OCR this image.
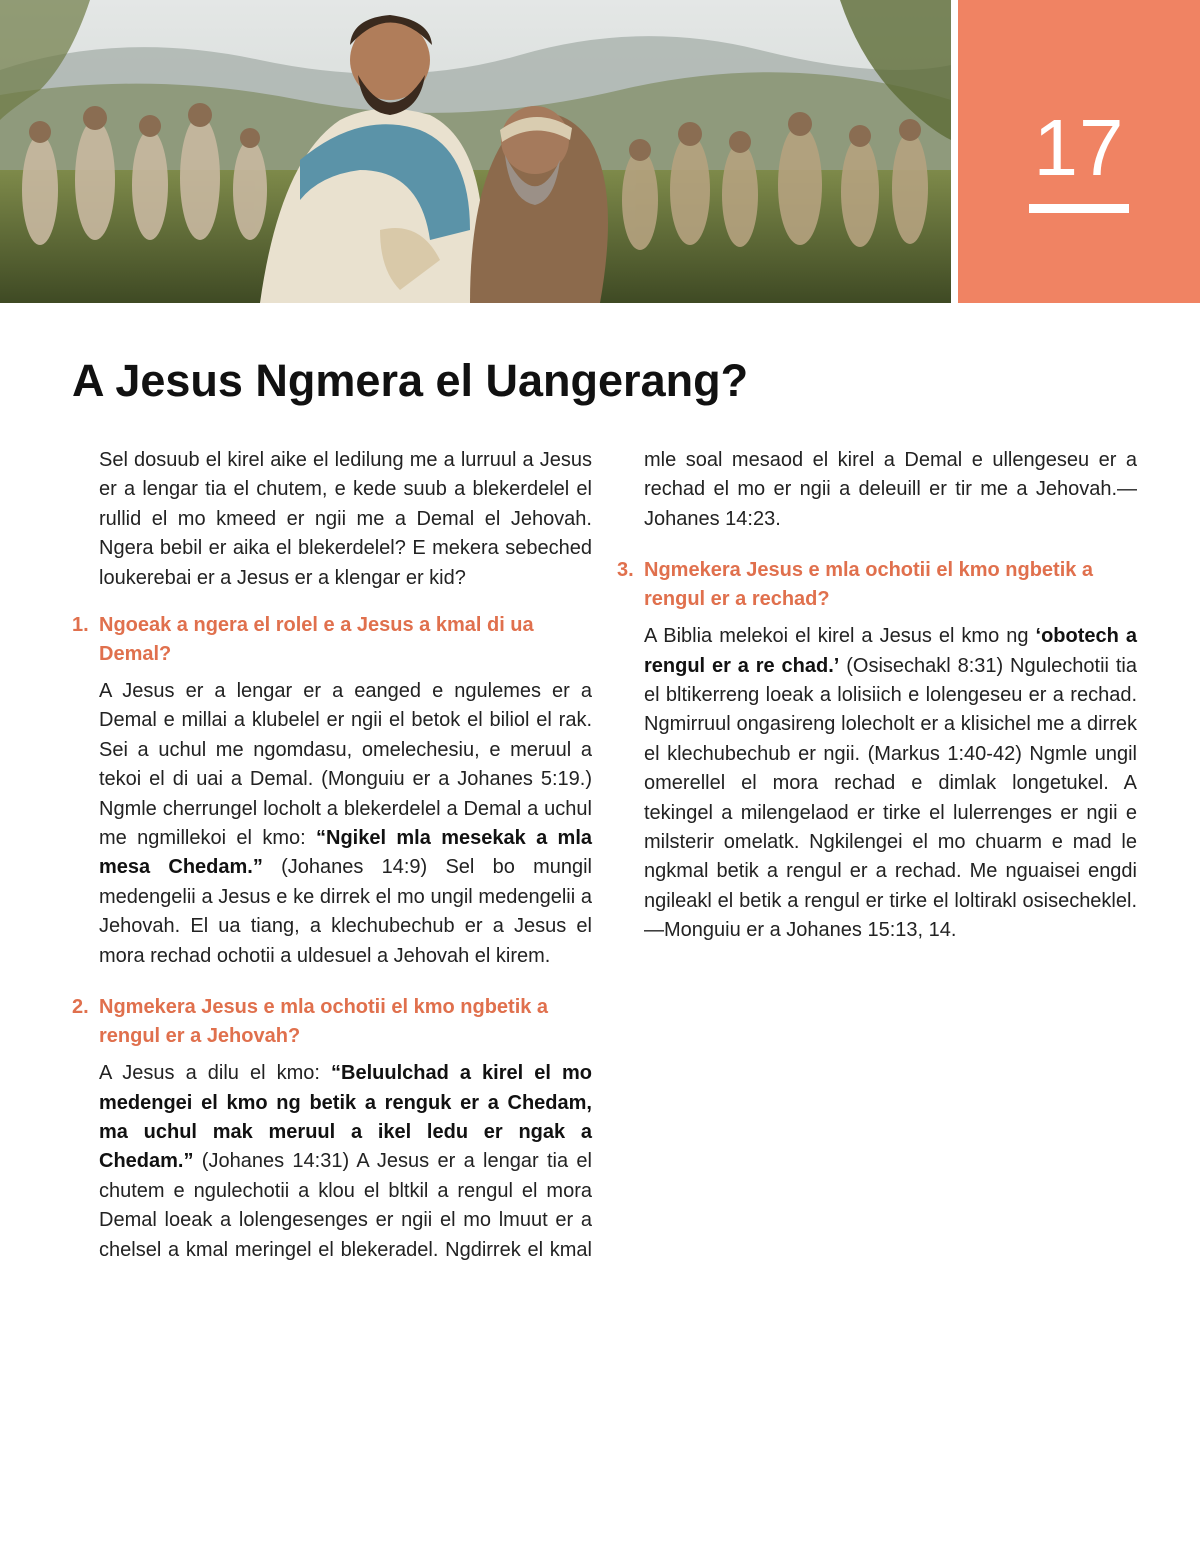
17
A Jesus Ngmera el Uangerang?

Sel dosuub el kirel aike el ledilung me a lurruul a Jesus er a lengar tia el chutem, e kede suub a blekerdelel el rullid el mo kmeed er ngii me a Demal el Jehovah. Ngera bebil er aika el blekerdelel? E mekera sebeched loukerebai er a Jesus er a klengar er kid?

1. Ngoeak a ngera el rolel e a Jesus a kmal di ua Demal?

A Jesus er a lengar er a eanged e ngulemes er a Demal e millai a klubelel er ngii el betok el biliol el rak. Sei a uchul me ngomdasu, omelechesiu, e meruul a tekoi el di uai a Demal. (Monguiu er a Johanes 5:19.) Ngmle cherrungel locholt a blekerdelel a Demal a uchul me ngmillekoi el kmo: “Ngikel mla mesekak a mla mesa Chedam.” (Johanes 14:9) Sel bo mungil medengelii a Jesus e ke dirrek el mo ungil medengelii a Jehovah. El ua tiang, a klechubechub er a Jesus el mora rechad ochotii a uldesuel a Jehovah el kirem.

2. Ngmekera Jesus e mla ochotii el kmo ngbetik a rengul er a Jehovah?

A Jesus a dilu el kmo: “Beluulchad a kirel el mo medengei el kmo ng betik a renguk er a Chedam, ma uchul mak meruul a ikel ledu er ngak a Chedam.” (Johanes 14:31) A Jesus er a lengar tia el chutem e ngulechotii a klou el bltkil a rengul el mora Demal loeak a lolengesenges er ngii el mo lmuut er a chelsel a kmal meringel el blekeradel. Ngdirrek el kmal

mle soal mesaod el kirel a Demal e ullengeseu er a rechad el mo er ngii a deleuill er tir me a Jehovah.—Johanes 14:23.

3. Ngmekera Jesus e mla ochotii el kmo ngbetik a rengul er a rechad?

A Biblia melekoi el kirel a Jesus el kmo ng ‘obotech a rengul er a re chad.’ (Osisechakl 8:31) Ngulechotii tia el bltikerreng loeak a lolisiich e lolengeseu er a rechad. Ngmirruul ongasireng lolecholt er a klisichel me a dirrek el klechubechub er ngii. (Markus 1:40-42) Ngmle ungil omerellel el mora rechad e dimlak longetukel. A tekingel a milengelaod er tirke el lulerrenges er ngii e milsterir omelatk. Ngkilengei el mo chuarm e mad le ngkmal betik a rengul er a rechad. Me nguaisei engdi ngileakl el betik a rengul er tirke el loltirakl osisecheklel.—Monguiu er a Johanes 15:13, 14.
